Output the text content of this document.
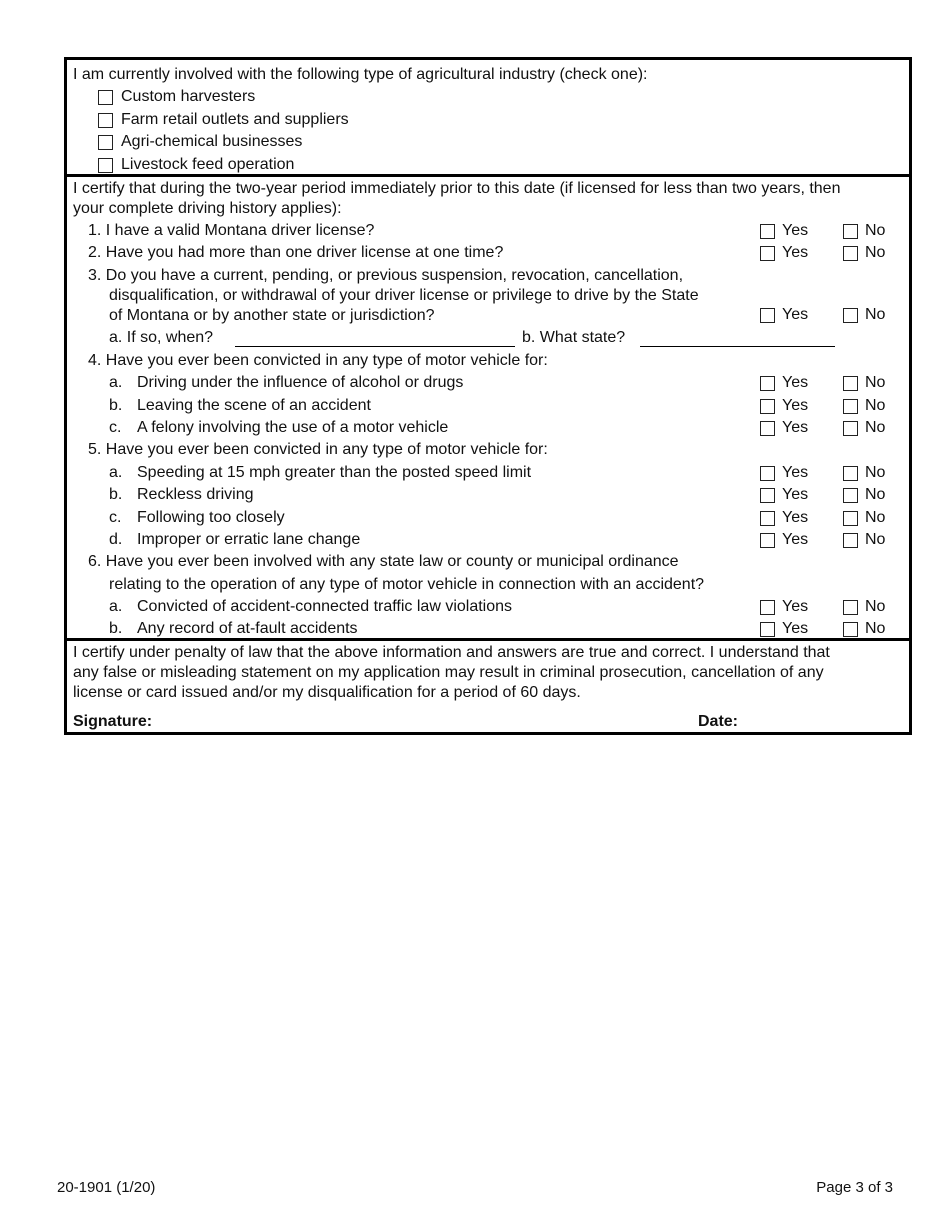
I am currently involved with the following type of agricultural industry (check one):
Custom harvesters
Farm retail outlets and suppliers
Agri-chemical businesses
Livestock feed operation
I certify that during the two-year period immediately prior to this date (if licensed for less than two years, then
your complete driving history applies):
1. I have a valid Montana driver license?	Yes	No
2. Have you had more than one driver license at one time?	Yes	No
3. Do you have a current, pending, or previous suspension, revocation, cancellation,
disqualification, or withdrawal of your driver license or privilege to drive by the State
of Montana or by another state or jurisdiction?	Yes	No
a. If so, when?	b. What state?
4. Have you ever been convicted in any type of motor vehicle for:
a. Driving under the influence of alcohol or drugs	Yes	No
b. Leaving the scene of an accident	Yes	No
c. A felony involving the use of a motor vehicle	Yes	No
5. Have you ever been convicted in any type of motor vehicle for:
a. Speeding at 15 mph greater than the posted speed limit	Yes	No
b. Reckless driving	Yes	No
c. Following too closely	Yes	No
d. Improper or erratic lane change	Yes	No
6. Have you ever been involved with any state law or county or municipal ordinance
relating to the operation of any type of motor vehicle in connection with an accident?
a. Convicted of accident-connected traffic law violations	Yes	No
b. Any record of at-fault accidents	Yes	No
I certify under penalty of law that the above information and answers are true and correct. I understand that
any false or misleading statement on my application may result in criminal prosecution, cancellation of any
license or card issued and/or my disqualification for a period of 60 days.
Signature:	Date:
20-1901 (1/20)	Page 3 of 3
